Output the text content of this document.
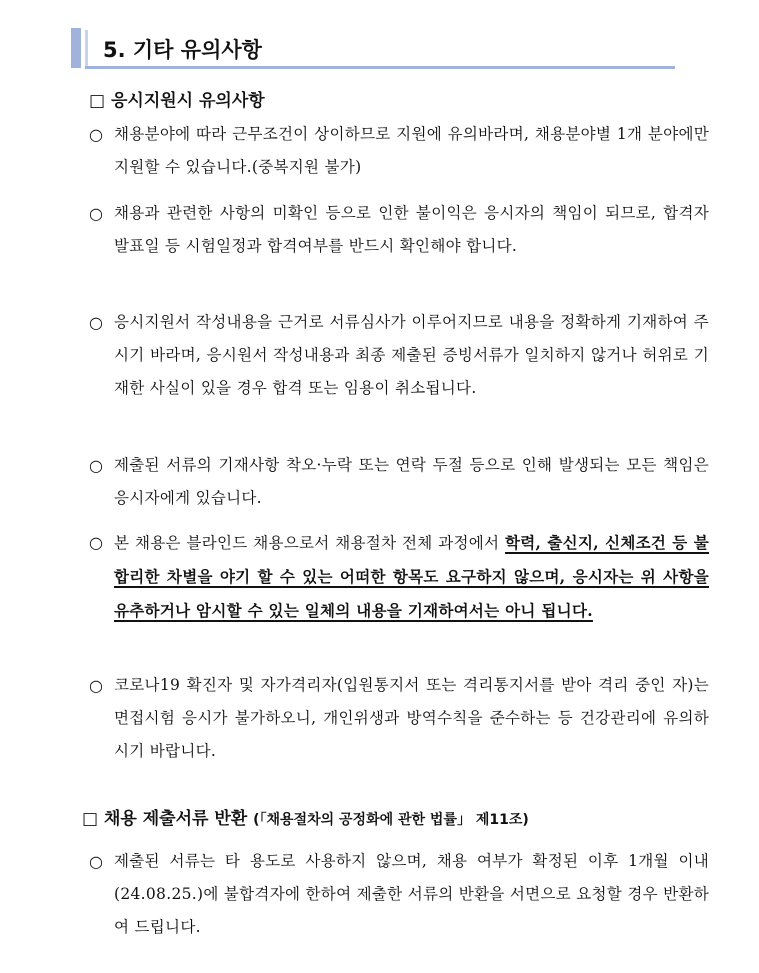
5. 기타 유의사항
□ 응시지원시 유의사항
○ 채용분야에 따라 근무조건이 상이하므로 지원에 유의바라며, 채용분야별 1개 분야에만 지원할 수 있습니다.(중복지원 불가)
○ 채용과 관련한 사항의 미확인 등으로 인한 불이익은 응시자의 책임이 되므로, 합격자 발표일 등 시험일정과 합격여부를 반드시 확인해야 합니다.
○ 응시지원서 작성내용을 근거로 서류심사가 이루어지므로 내용을 정확하게 기재하여 주시기 바라며, 응시원서 작성내용과 최종 제출된 증빙서류가 일치하지 않거나 허위로 기재한 사실이 있을 경우 합격 또는 임용이 취소됩니다.
○ 제출된 서류의 기재사항 착오·누락 또는 연락 두절 등으로 인해 발생되는 모든 책임은 응시자에게 있습니다.
○ 본 채용은 블라인드 채용으로서 채용절차 전체 과정에서 학력, 출신지, 신체조건 등 불합리한 차별을 야기 할 수 있는 어떠한 항목도 요구하지 않으며, 응시자는 위 사항을 유추하거나 암시할 수 있는 일체의 내용을 기재하여서는 아니 됩니다.
○ 코로나19 확진자 및 자가격리자(입원통지서 또는 격리통지서를 받아 격리 중인 자)는 면접시험 응시가 불가하오니, 개인위생과 방역수칙을 준수하는 등 건강관리에 유의하시기 바랍니다.
□ 채용 제출서류 반환 (「채용절차의 공정화에 관한 법률」 제11조)
○ 제출된 서류는 타 용도로 사용하지 않으며, 채용 여부가 확정된 이후 1개월 이내(24.08.25.)에 불합격자에 한하여 제출한 서류의 반환을 서면으로 요청할 경우 반환하여 드립니다.
